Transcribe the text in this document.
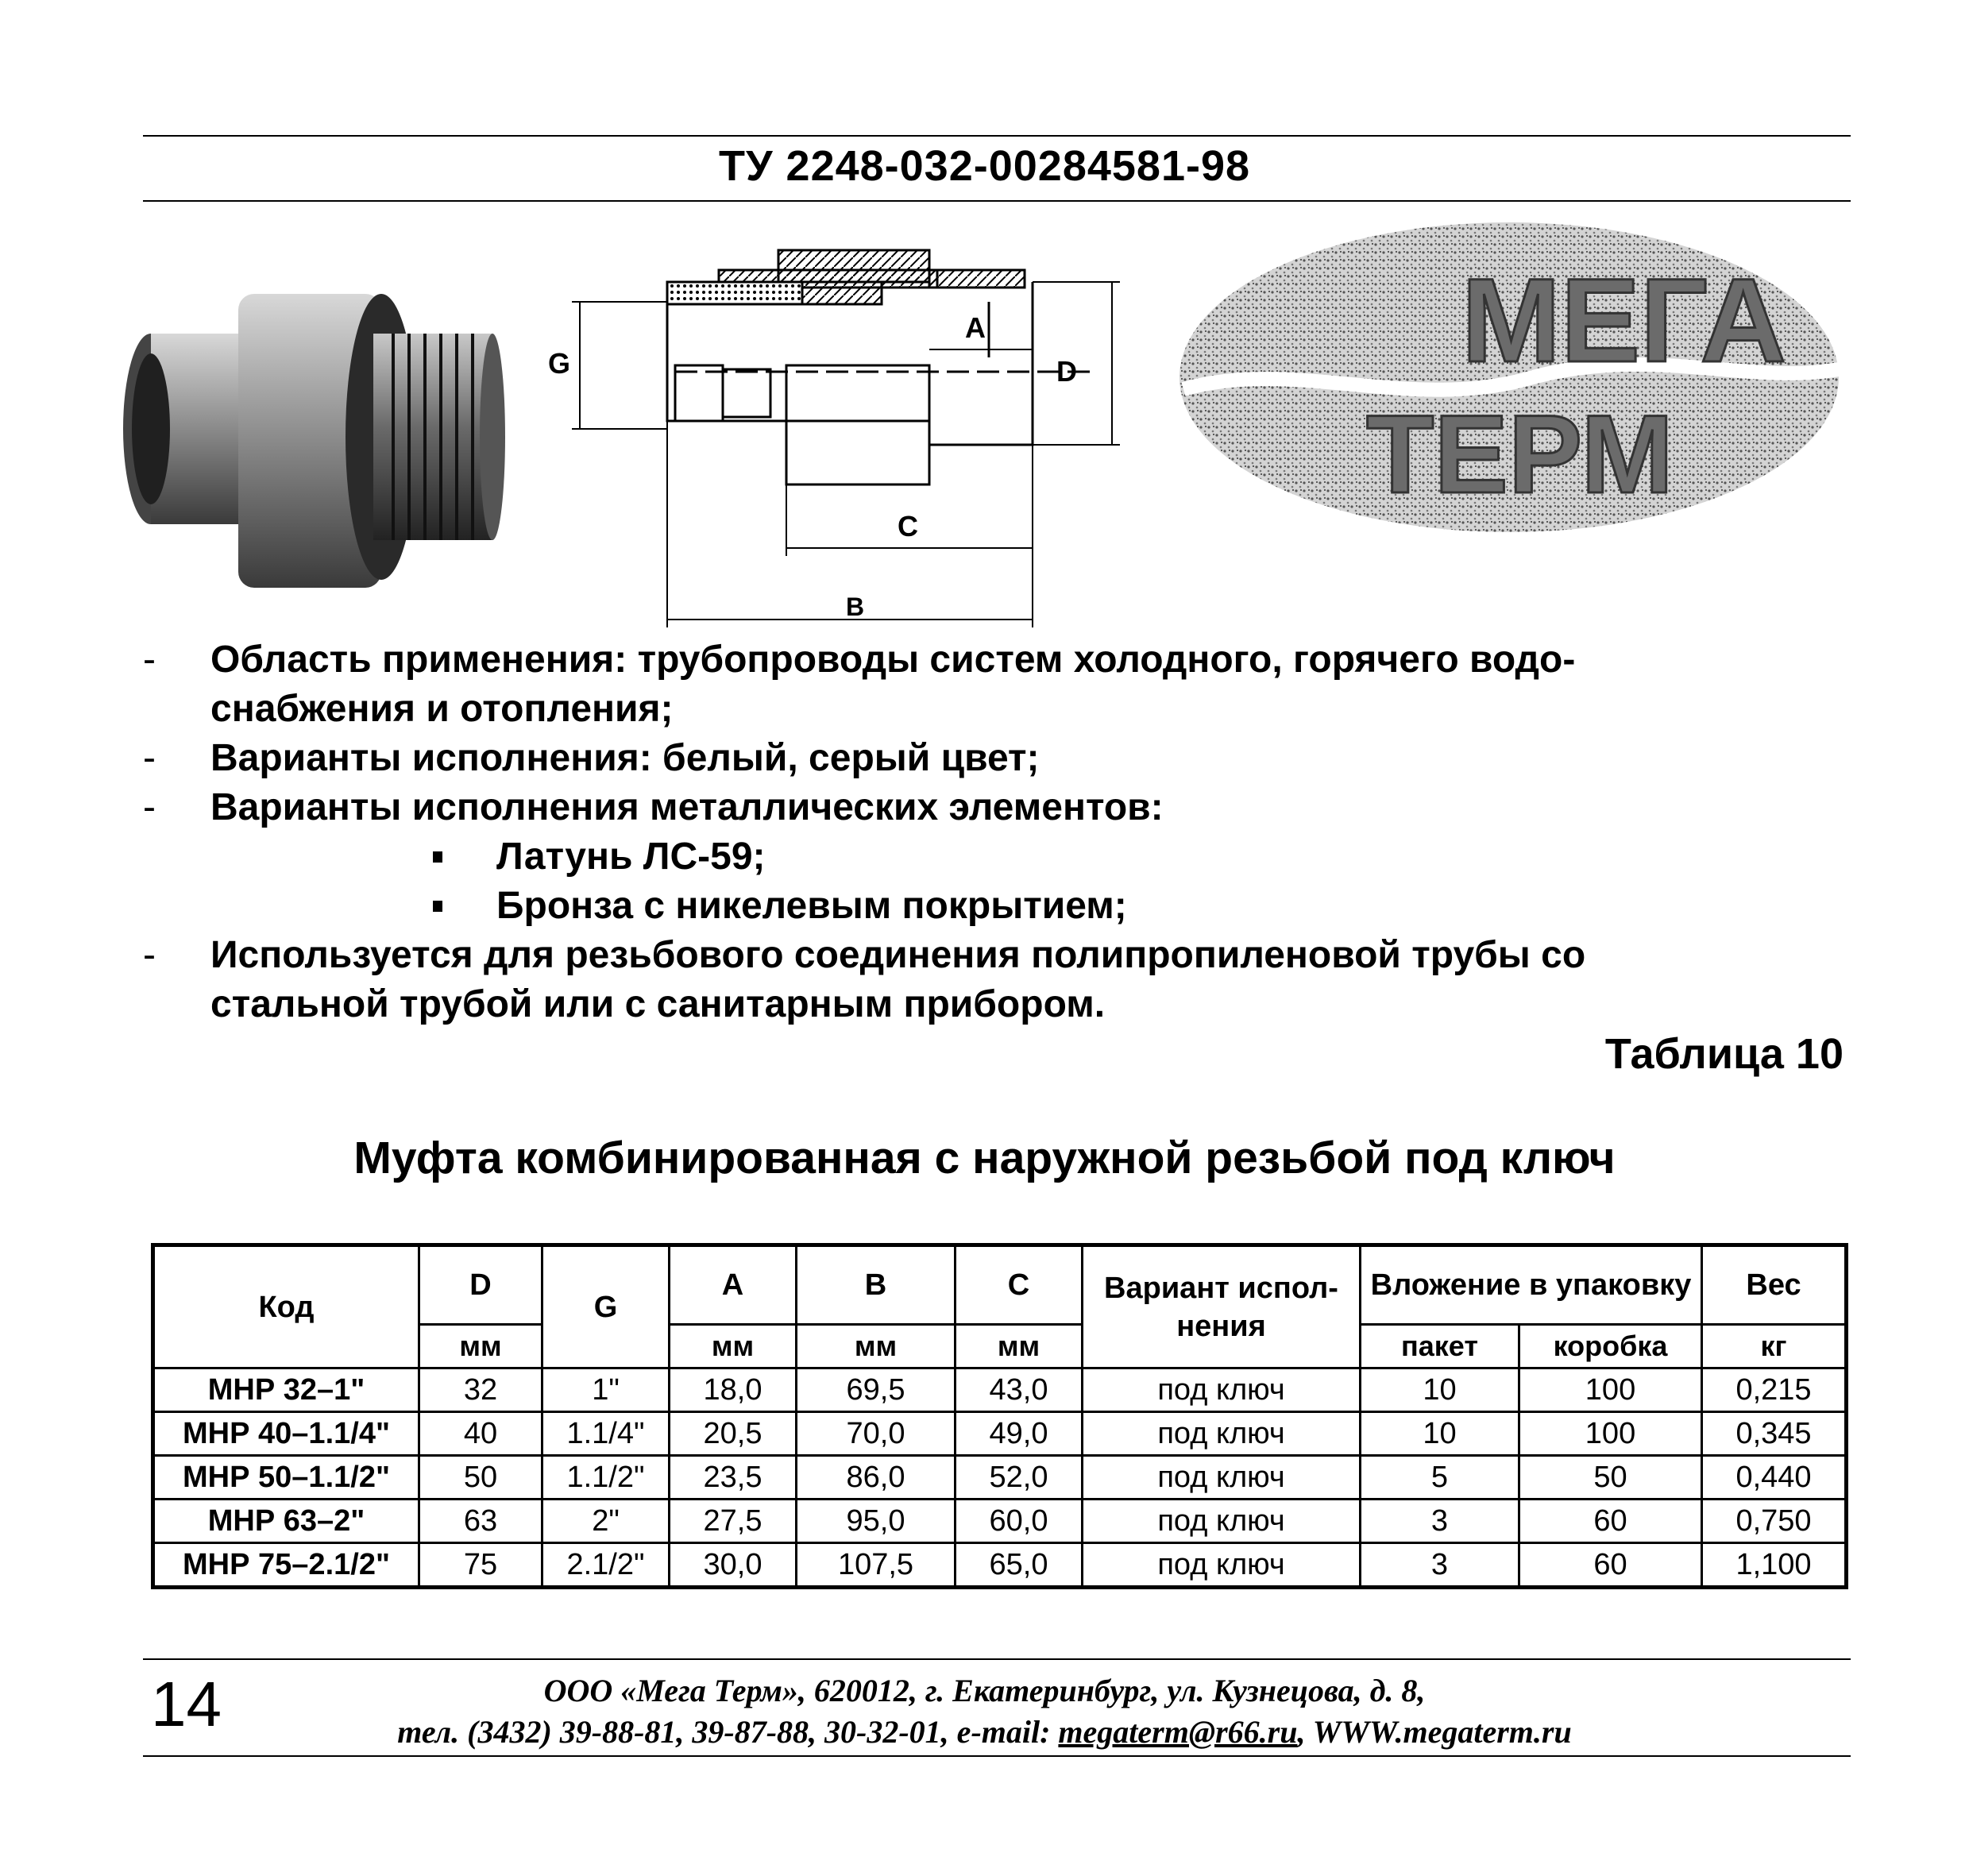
ТУ 2248-032-00284581-98
G	D
A
C
B
МЕГА
ТЕРМ
- Область применения: трубопроводы систем холодного, горячего водо-
снабжения и отопления;
- Варианты исполнения: белый, серый цвет;
- Варианты исполнения металлических элементов:
Латунь ЛС-59;
Бронза с никелевым покрытием;
- Используется для резьбового соединения полипропиленовой трубы со
стальной трубой или с санитарным прибором.
Таблица 10
Муфта комбинированная с наружной резьбой под ключ
Код	D	G	A	B	C	Вариант испол-нения	Вложение в упаковку		Вес
	мм		мм	мм	мм		пакет	коробка	кг
МНР 32–1"	32	1"	18,0	69,5	43,0	под ключ	10	100	0,215
МНР 40–1.1/4"	40	1.1/4"	20,5	70,0	49,0	под ключ	10	100	0,345
МНР 50–1.1/2"	50	1.1/2"	23,5	86,0	52,0	под ключ	5	50	0,440
МНР 63–2"	63	2"	27,5	95,0	60,0	под ключ	3	60	0,750
МНР 75–2.1/2"	75	2.1/2"	30,0	107,5	65,0	под ключ	3	60	1,100
14	ООО «Мега Терм», 620012, г. Екатеринбург, ул. Кузнецова, д. 8,
тел. (3432) 39-88-81, 39-87-88, 30-32-01, e-mail: megaterm@r66.ru, WWW.megaterm.ru
